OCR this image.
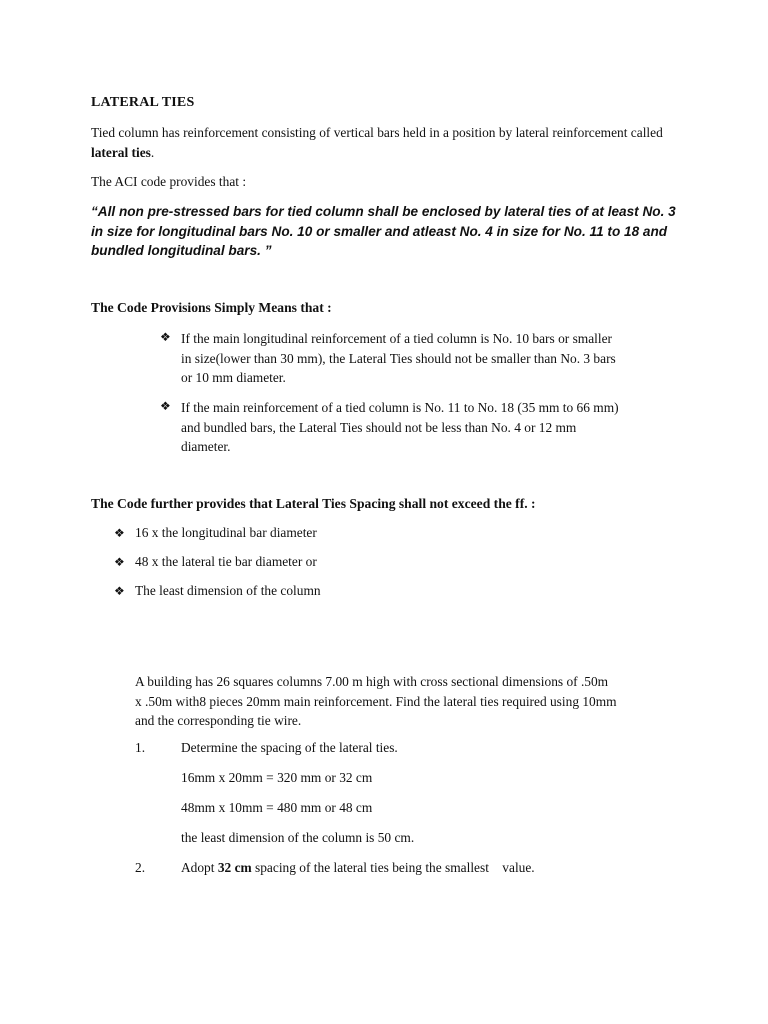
LATERAL TIES
Tied column has reinforcement consisting of vertical bars held in a position by lateral reinforcement called lateral ties.
The ACI code provides that :
“All non pre-stressed bars for tied column shall be enclosed by lateral ties of at least No. 3 in size for longitudinal bars No. 10 or smaller and atleast No. 4 in size for No. 11 to 18 and bundled longitudinal bars. ”
The Code Provisions Simply Means that :
❖ If the main longitudinal reinforcement of a tied column is No. 10 bars or smaller
in size(lower than 30 mm), the Lateral Ties should not be smaller than No. 3 bars
or 10 mm diameter.
❖ If the main reinforcement of a tied column is No. 11 to No. 18 (35 mm to 66 mm)
and bundled bars, the Lateral Ties should not be less than No. 4 or 12 mm
diameter.
The Code further provides that Lateral Ties Spacing shall not exceed the ff. :
❖ 16 x the longitudinal bar diameter
❖ 48 x the lateral tie bar diameter or
❖ The least dimension of the column
A building has 26 squares columns 7.00 m high with cross sectional dimensions of .50m
x .50m with8 pieces 20mm main reinforcement. Find the lateral ties required using 10mm
and the corresponding tie wire.
1.	Determine the spacing of the lateral ties.
16mm x 20mm = 320 mm or 32 cm
48mm x 10mm = 480 mm or 48 cm
the least dimension of the column is 50 cm.
2.	Adopt 32 cm spacing of the lateral ties being the smallest    value.
